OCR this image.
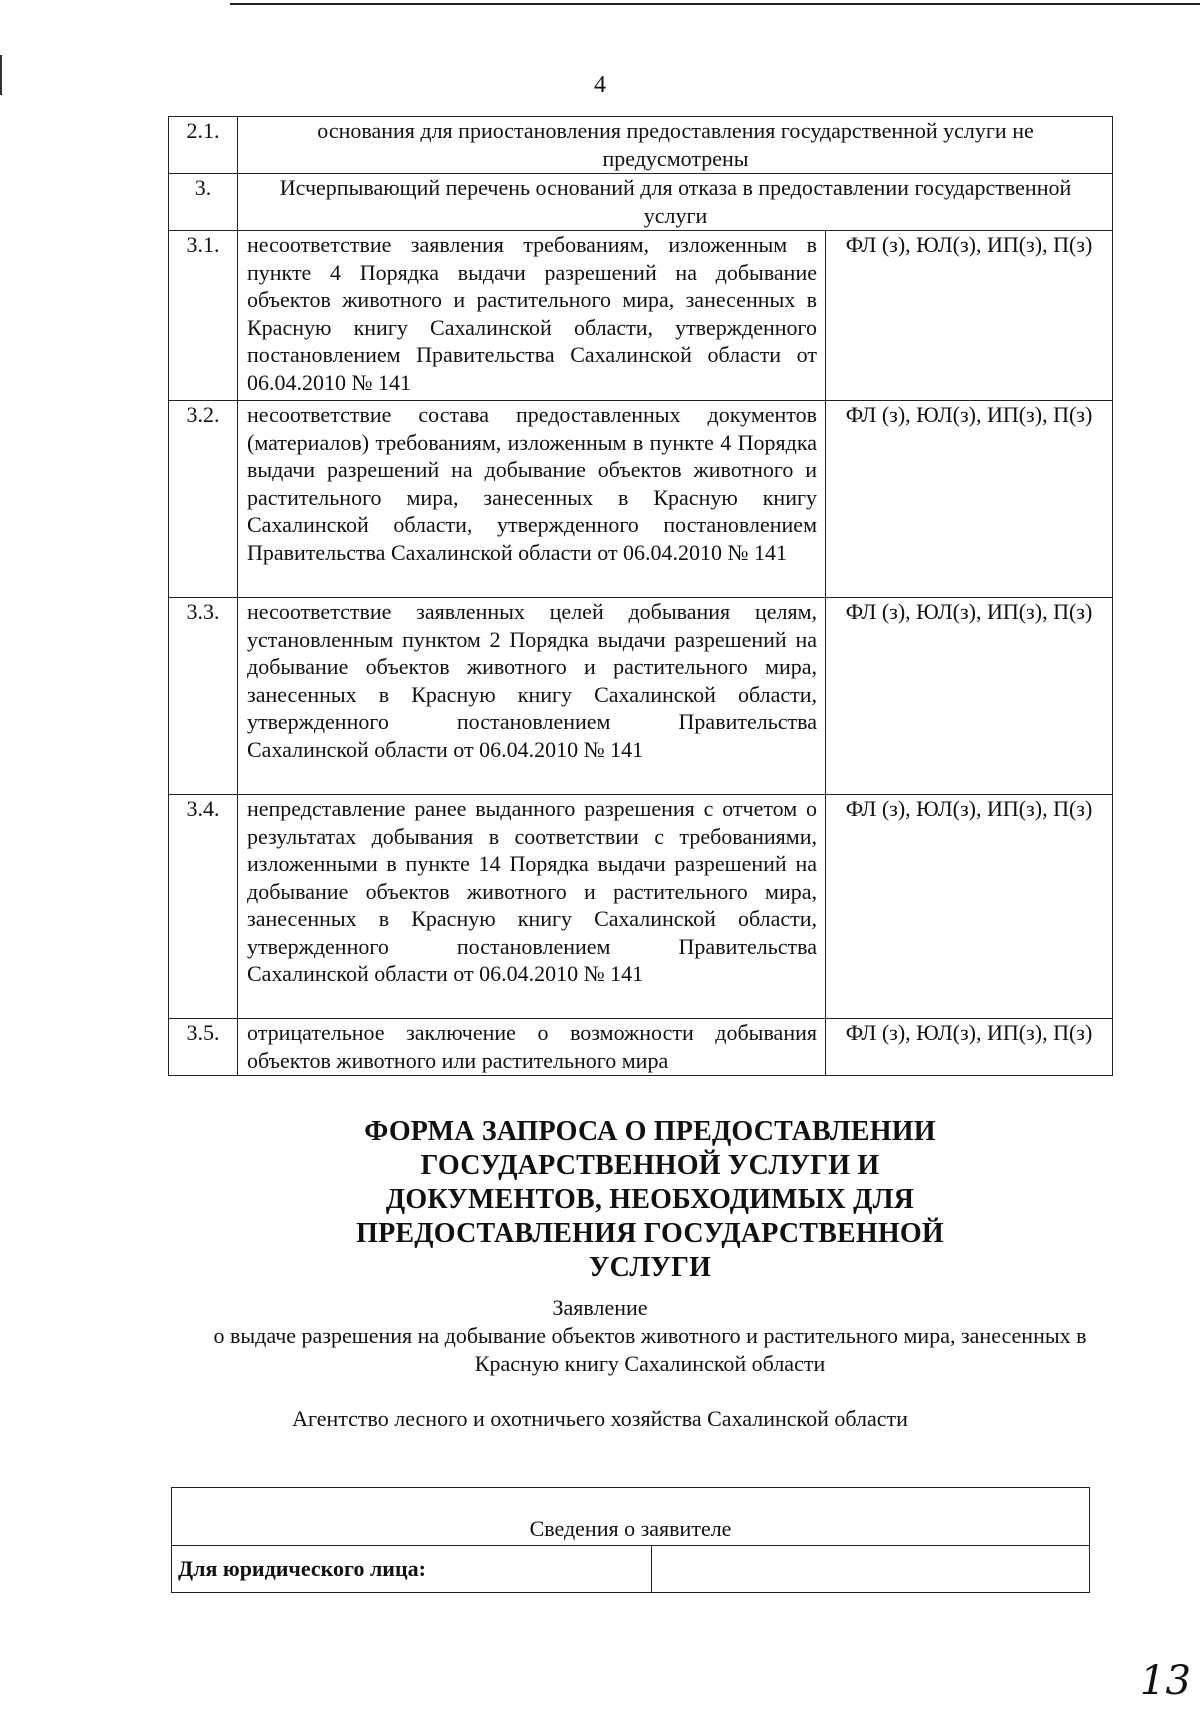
4
2.1.	основания для приостановления предоставления государственной услуги не предусмотрены	
3.	Исчерпывающий перечень оснований для отказа в предоставлении государственной услуги	
3.1.	несоответствие заявления требованиям, изложенным в пункте 4 Порядка выдачи разрешений на добывание объектов животного и растительного мира, занесенных в Красную книгу Сахалинской области, утвержденного постановлением Правительства Сахалинской области от 06.04.2010 № 141	ФЛ (з), ЮЛ(з), ИП(з), П(з)
3.2.	несоответствие состава предоставленных документов (материалов) требованиям, изложенным в пункте 4 Порядка выдачи разрешений на добывание объектов животного и растительного мира, занесенных в Красную книгу Сахалинской области, утвержденного постановлением Правительства Сахалинской области от 06.04.2010 № 141	ФЛ (з), ЮЛ(з), ИП(з), П(з)
3.3.	несоответствие заявленных целей добывания целям, установленным пунктом 2 Порядка выдачи разрешений на добывание объектов животного и растительного мира, занесенных в Красную книгу Сахалинской области, утвержденного постановлением Правительства Сахалинской области от 06.04.2010 № 141	ФЛ (з), ЮЛ(з), ИП(з), П(з)
3.4.	непредставление ранее выданного разрешения с отчетом о результатах добывания в соответствии с требованиями, изложенными в пункте 14 Порядка выдачи разрешений на добывание объектов животного и растительного мира, занесенных в Красную книгу Сахалинской области, утвержденного постановлением Правительства Сахалинской области от 06.04.2010 № 141	ФЛ (з), ЮЛ(з), ИП(з), П(з)
3.5.	отрицательное заключение о возможности добывания объектов животного или растительного мира	ФЛ (з), ЮЛ(з), ИП(з), П(з)
ФОРМА ЗАПРОСА О ПРЕДОСТАВЛЕНИИ ГОСУДАРСТВЕННОЙ УСЛУГИ И ДОКУМЕНТОВ, НЕОБХОДИМЫХ ДЛЯ ПРЕДОСТАВЛЕНИЯ ГОСУДАРСТВЕННОЙ УСЛУГИ
Заявление
о выдаче разрешения на добывание объектов животного и растительного мира, занесенных в Красную книгу Сахалинской области
Агентство лесного и охотничьего хозяйства Сахалинской области
Сведения о заявителе
Для юридического лица:	
13
